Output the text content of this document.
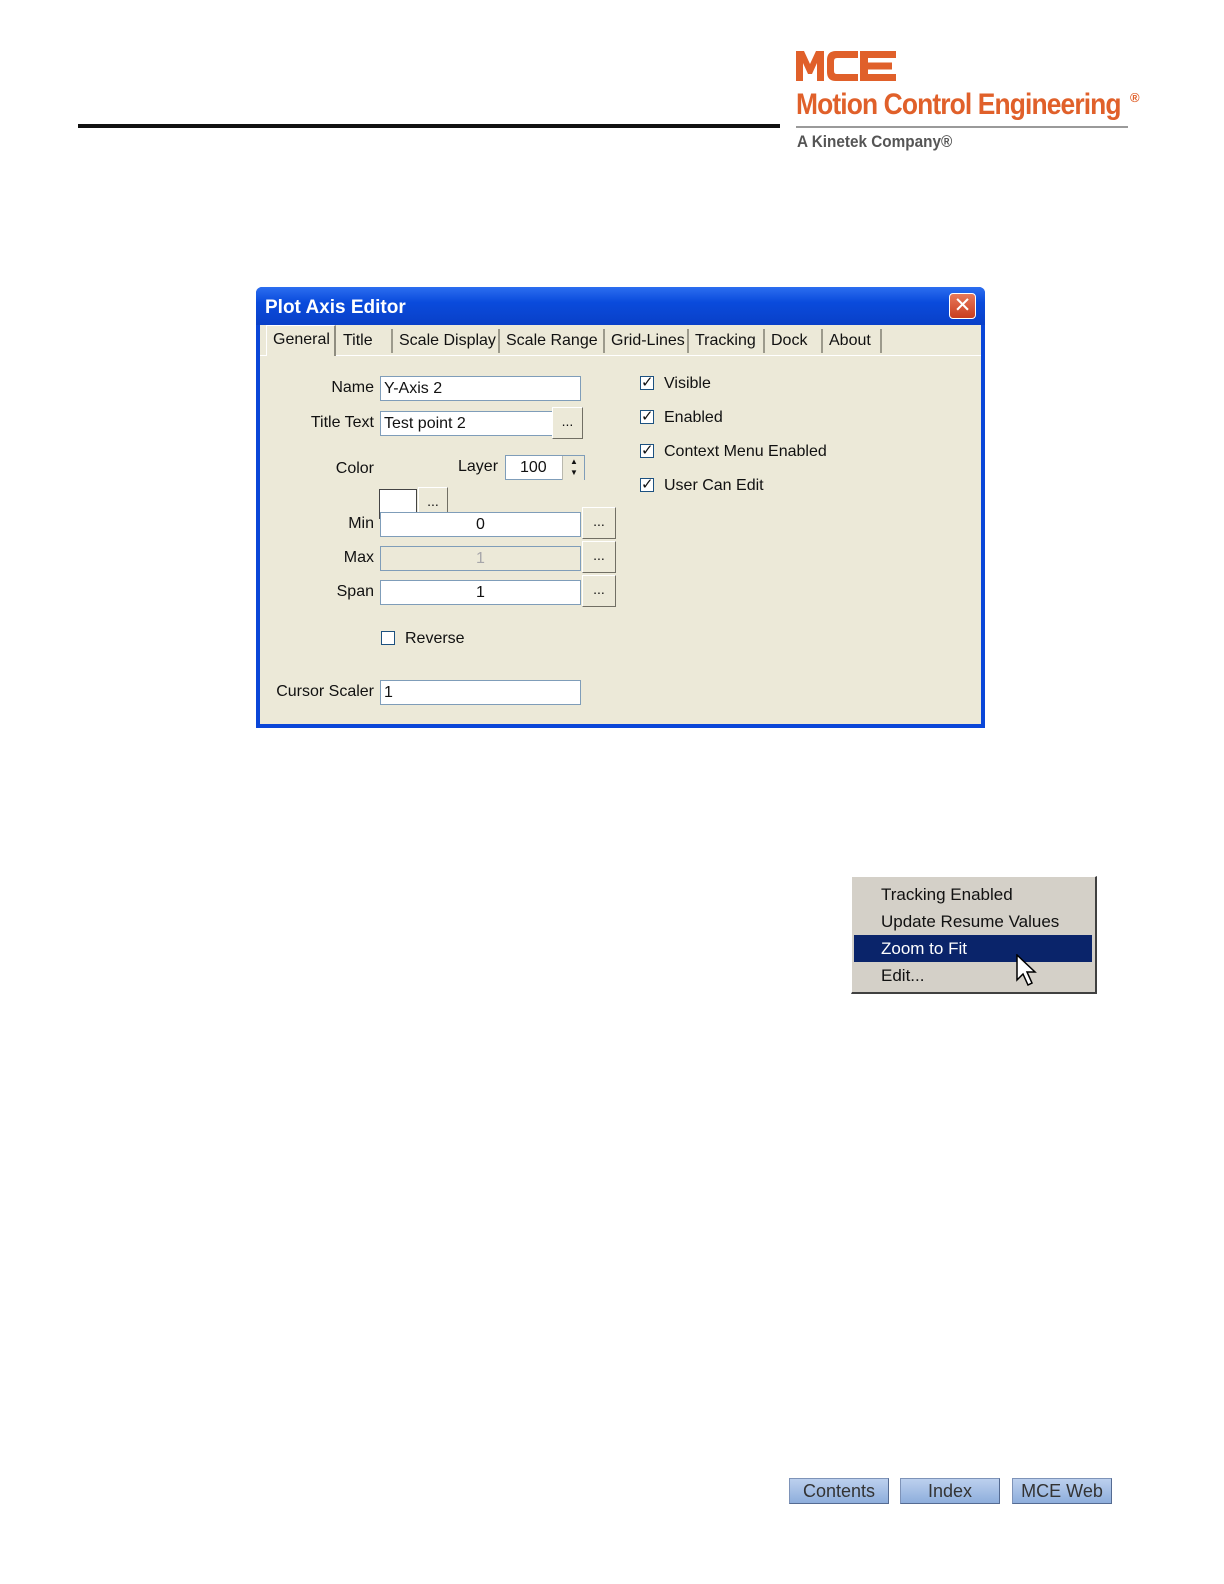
Motion Control Engineering ®
A Kinetek Company®
Plot Axis Editor	✕
General Title	Scale Display Scale Range Grid-Lines Tracking Dock	About
Name Y-Axis 2
Title Text Test point 2	...
Color
...
Layer	100	▲
▼
Min	0	...
Max	1	...
Span	1	...
Reverse
Cursor Scaler 1
✓
Visible
✓
Enabled
✓
Context Menu Enabled
✓
User Can Edit
Tracking Enabled
Update Resume Values
Zoom to Fit
Edit...
Contents	Index	MCE Web
